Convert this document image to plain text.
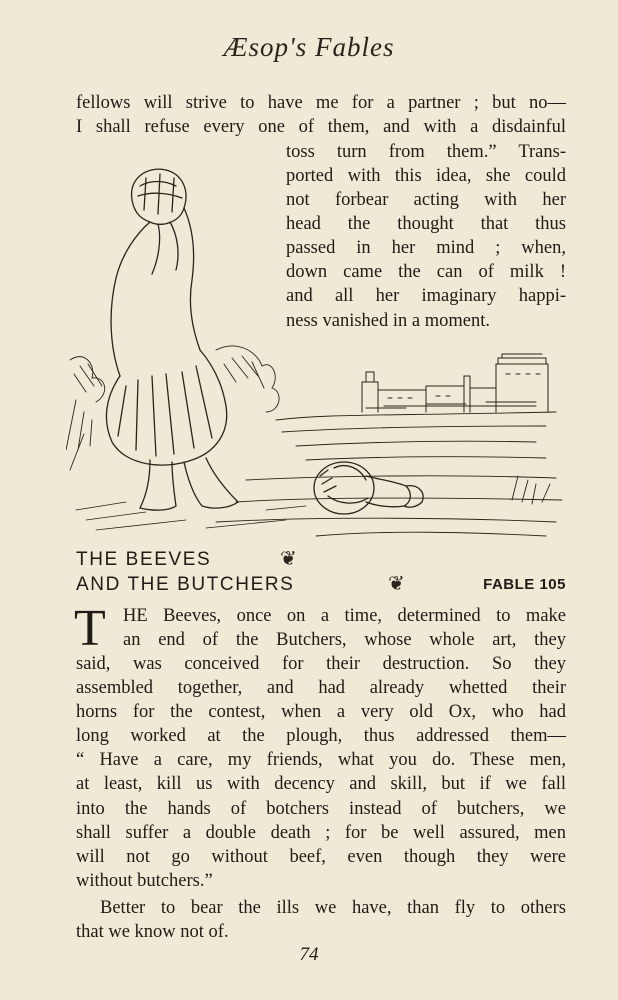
Æsop's Fables
fellows will strive to have me for a partner ; but no—
I shall refuse every one of them, and with a disdainful
toss turn from them.” Trans-
ported with this idea, she could
not forbear acting with her
head the thought that thus
passed in her mind ; when,
down came the can of milk !
and all her imaginary happi-
ness vanished in a moment.
THE BEEVES	❦
AND THE BUTCHERS	❦	FABLE 105
T HE Beeves, once on a time, determined to make
an end of the Butchers, whose whole art, they
said, was conceived for their destruction. So they
assembled together, and had already whetted their
horns for the contest, when a very old Ox, who had
long worked at the plough, thus addressed them—
“ Have a care, my friends, what you do. These men,
at least, kill us with decency and skill, but if we fall
into the hands of botchers instead of butchers, we
shall suffer a double death ; for be well assured, men
will not go without beef, even though they were
without butchers.”
Better to bear the ills we have, than fly to others
that we know not of.
74
